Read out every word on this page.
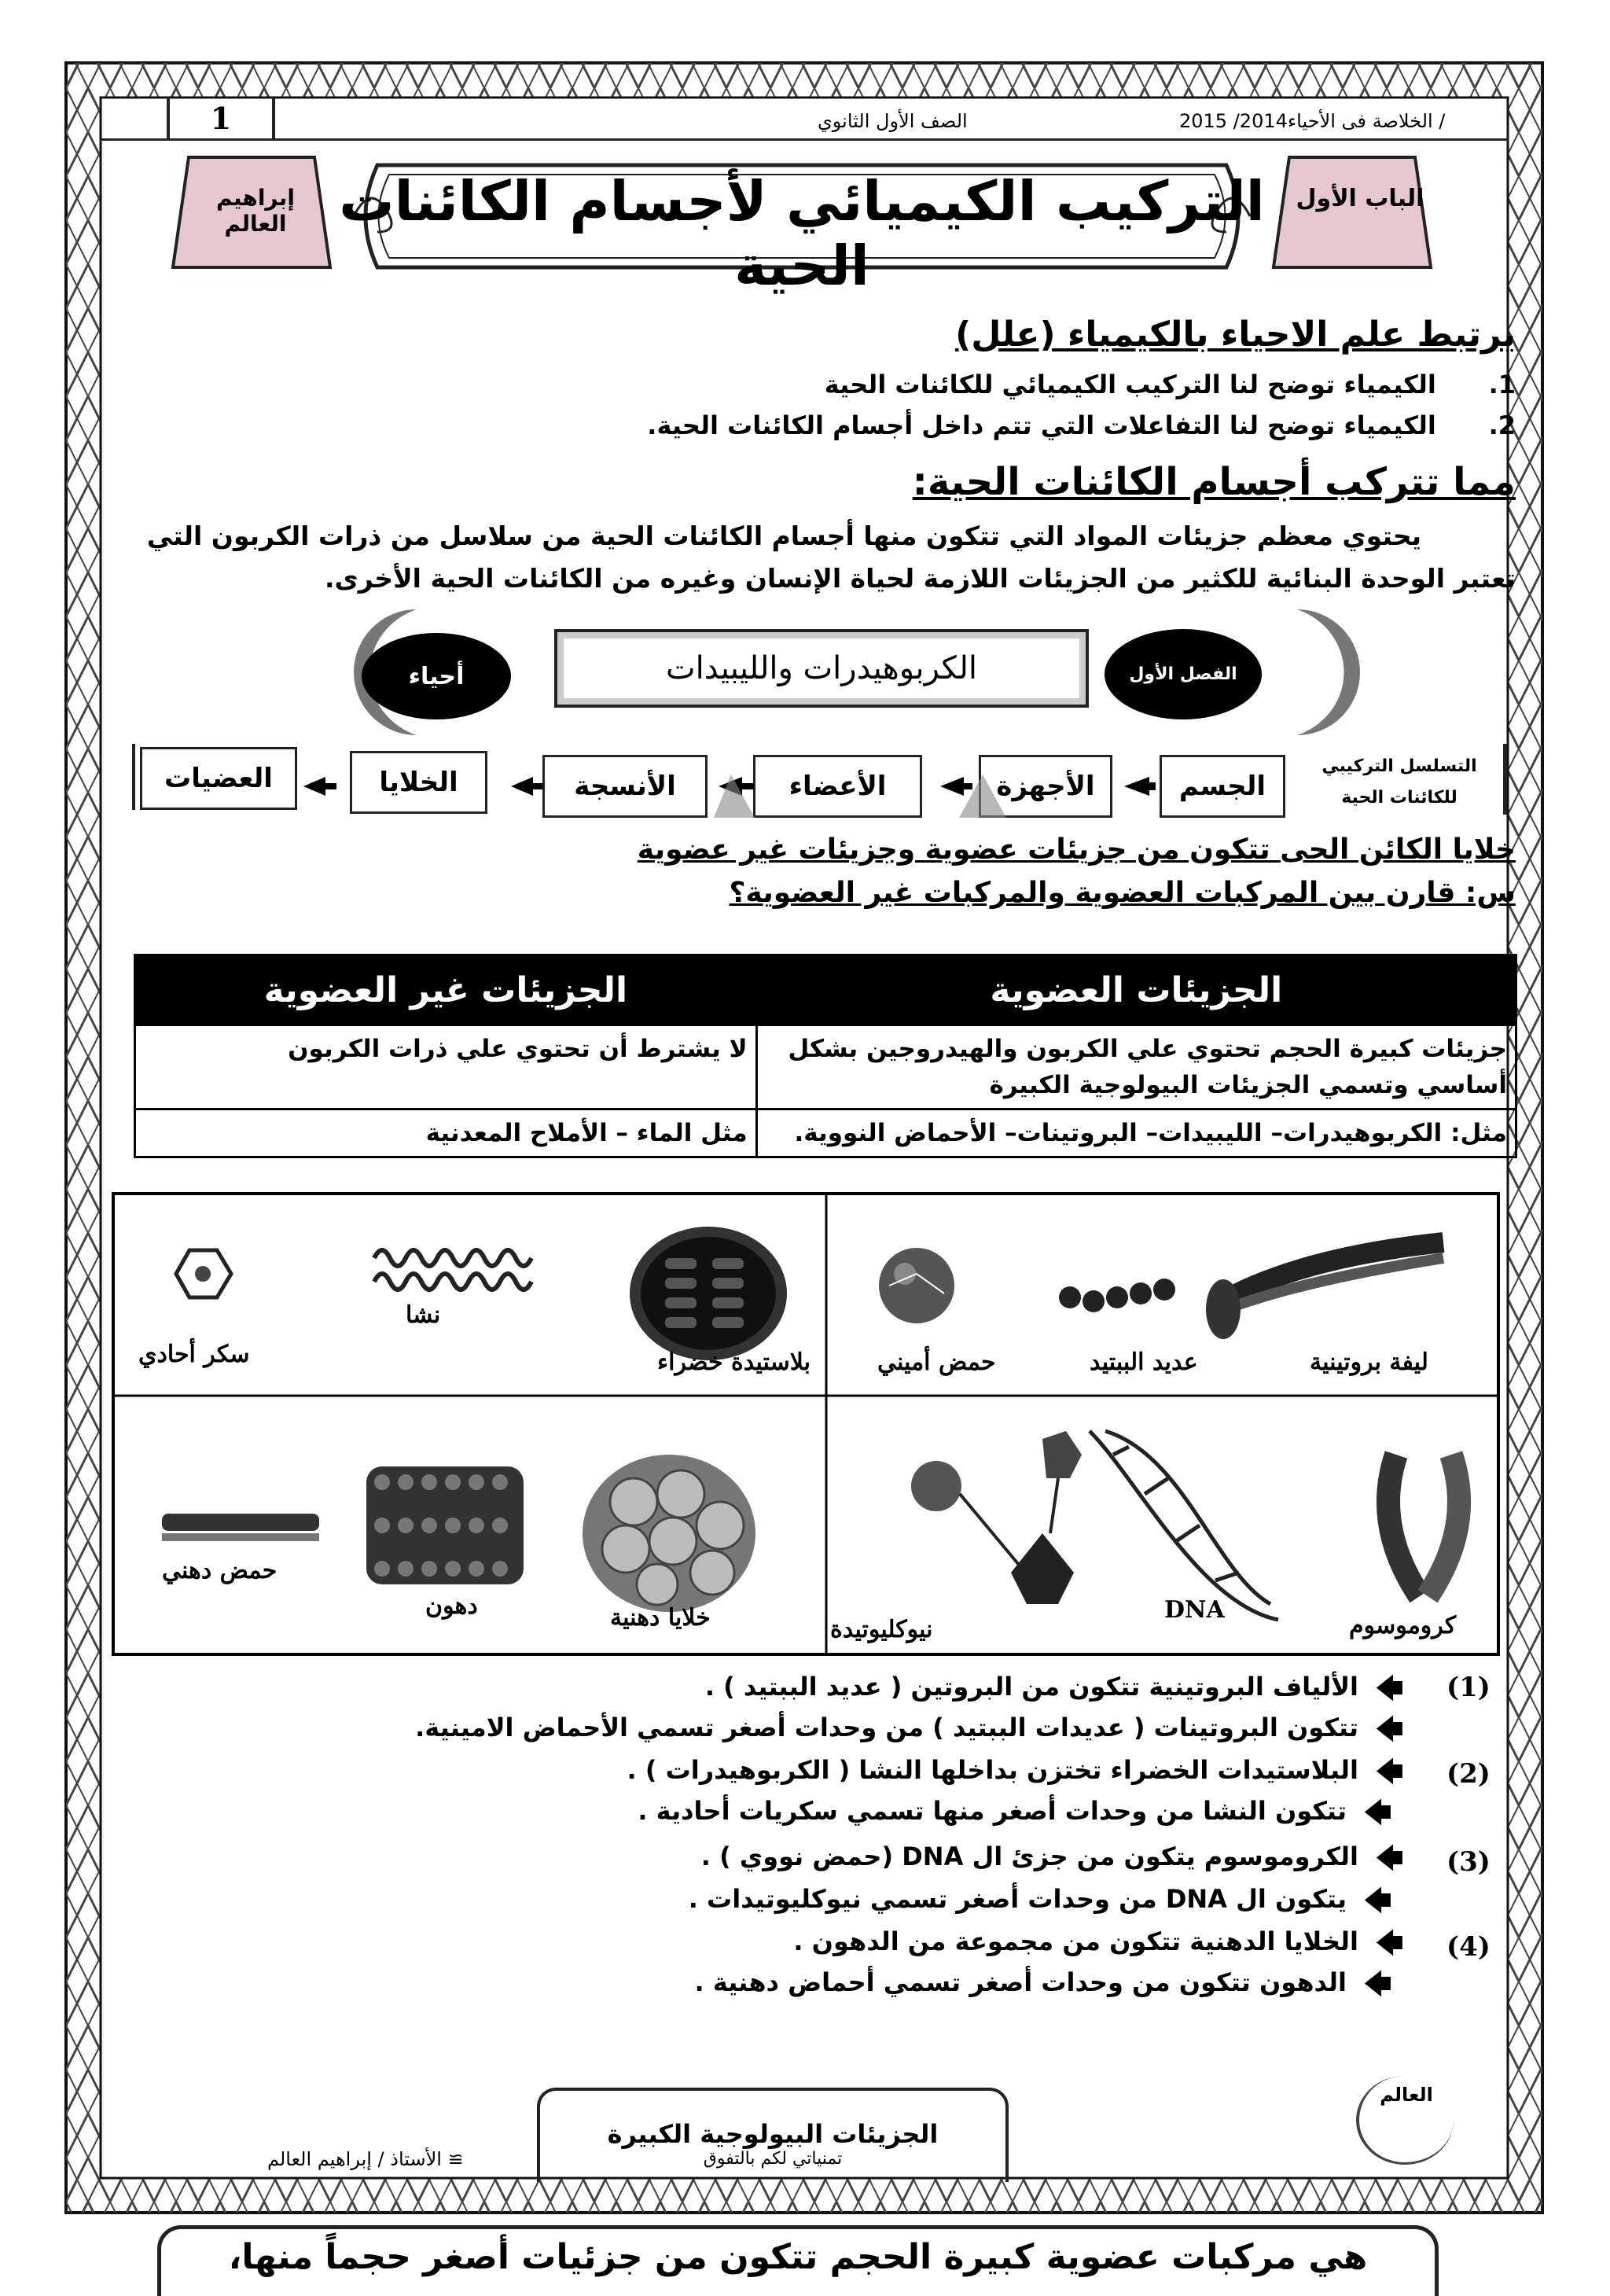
1	الصف الأول الثانوي	/ الخلاصة فى الأحياء2014/ 2015
التركيب الكيميائي لأجسام الكائنات الحية
إبراهيم العالم
الباب الأول
يرتبط علم الاحياء بالكيمياء (علل)
1. الكيمياء توضح لنا التركيب الكيميائي للكائنات الحية
2. الكيمياء توضح لنا التفاعلات التي تتم داخل أجسام الكائنات الحية.
مما تتركب أجسام الكائنات الحية:
يحتوي معظم جزيئات المواد التي تتكون منها أجسام الكائنات الحية من سلاسل من ذرات الكربون التي
تعتبر الوحدة البنائية للكثير من الجزيئات اللازمة لحياة الإنسان وغيره من الكائنات الحية الأخرى.
أحياء	الفصل الأول
الكربوهيدرات والليبيدات
التسلسل التركيبي
للكائنات الحية
الجسم
الأجهزة
الأعضاء
الأنسجة
الخلايا
العضيات
خلايا الكائن الحى تتكون من جزيئات عضوية وجزيئات غير عضوية
س: قارن بين المركبات العضوية والمركبات غير العضوية؟
الجزيئات العضوية	الجزيئات غير العضوية
جزيئات كبيرة الحجم تحتوي علي الكربون والهيدروجين بشكل أساسي وتسمي الجزيئات البيولوجية الكبيرة	لا يشترط أن تحتوي علي ذرات الكربون
مثل: الكربوهيدرات– الليبيدات– البروتينات– الأحماض النووية.	مثل الماء – الأملاح المعدنية
ليفة بروتينية
عديد الببتيد
حمض أميني
بلاستيدة خضراء
نشا
سكر أحادي
كروموسوم
DNA
نيوكليوتيدة
خلايا دهنية
دهون
حمض دهني
(1)
🡄
الألياف البروتينية تتكون من البروتين ( عديد الببتيد ) .
🡄
تتكون البروتينات ( عديدات الببتيد ) من وحدات أصغر تسمي الأحماض الامينية.
(2)
🡄
البلاستيدات الخضراء تختزن بداخلها النشا ( الكربوهيدرات ) .
🡄
تتكون النشا من وحدات أصغر منها تسمي سكريات أحادية .
(3)
🡄
الكروموسوم يتكون من جزئ ال DNA (حمض نووي ) .
🡄
يتكون ال DNA من وحدات أصغر تسمي نيوكليوتيدات .
(4)
🡄
الخلايا الدهنية تتكون من مجموعة من الدهون .
🡄
الدهون تتكون من وحدات أصغر تسمي أحماض دهنية .
الجزيئات البيولوجية الكبيرة
تمنياتي لكم بالتفوق
≅ الأستاذ / إبراهيم العالم
العالم
هي مركبات عضوية كبيرة الحجم تتكون من جزئيات أصغر حجماً منها،
